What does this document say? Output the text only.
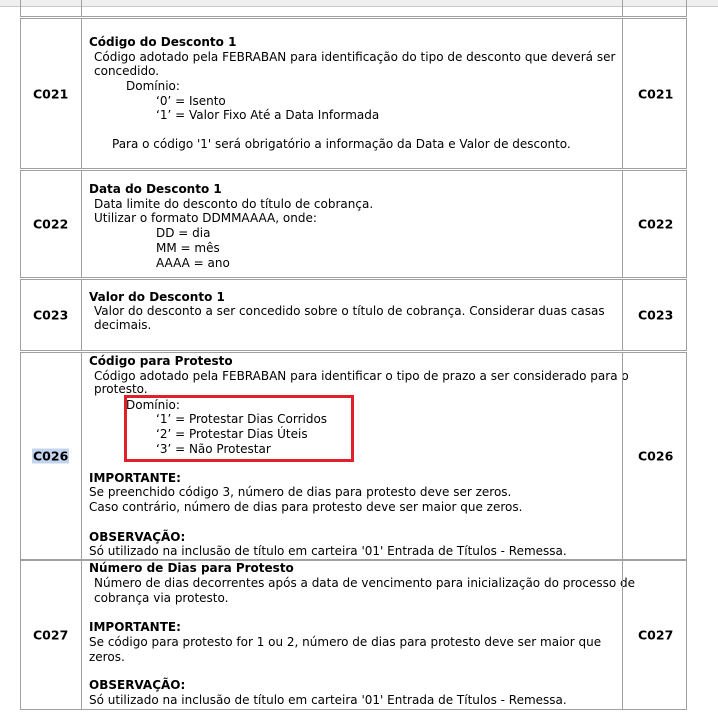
C021
Código do Desconto 1
Código adotado pela FEBRABAN para identificação do tipo de desconto que deverá ser
concedido.
Domínio:
‘0’ = Isento
‘1’ = Valor Fixo Até a Data Informada
Para o código '1' será obrigatório a informação da Data e Valor de desconto.
C021
C022
Data do Desconto 1
Data limite do desconto do título de cobrança.
Utilizar o formato DDMMAAAA, onde:
DD = dia
MM = mês
AAAA = ano
C022
C023
Valor do Desconto 1
Valor do desconto a ser concedido sobre o título de cobrança. Considerar duas casas
decimais.
C023
C026
Código para Protesto
Código adotado pela FEBRABAN para identificar o tipo de prazo a ser considerado para o
protesto.
Domínio:
‘1’ = Protestar Dias Corridos
‘2’ = Protestar Dias Úteis
‘3’ = Não Protestar
IMPORTANTE:
Se preenchido código 3, número de dias para protesto deve ser zeros.
Caso contrário, número de dias para protesto deve ser maior que zeros.
OBSERVAÇÃO:
Só utilizado na inclusão de título em carteira '01' Entrada de Títulos - Remessa.
C026
C027
Número de Dias para Protesto
Número de dias decorrentes após a data de vencimento para inicialização do processo de
cobrança via protesto.
IMPORTANTE:
Se código para protesto for 1 ou 2, número de dias para protesto deve ser maior que
zeros.
OBSERVAÇÃO:
Só utilizado na inclusão de título em carteira '01' Entrada de Títulos - Remessa.
C027
